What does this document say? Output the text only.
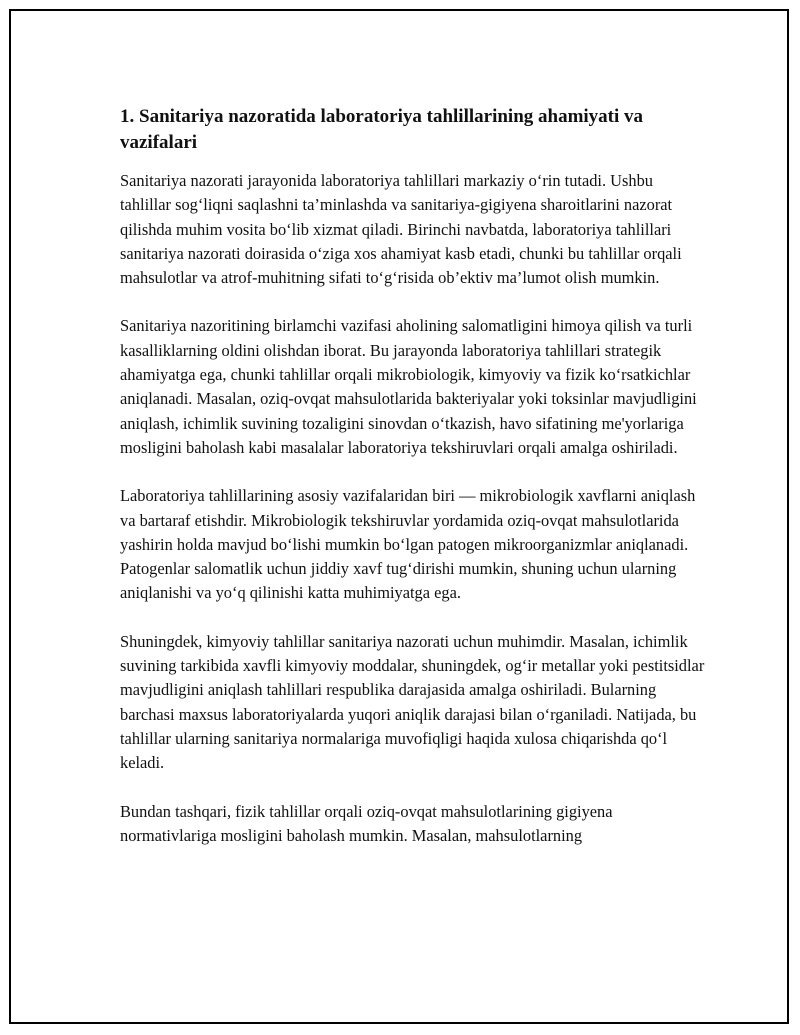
1. Sanitariya nazoratida laboratoriya tahlillarining ahamiyati va vazifalari

Sanitariya nazorati jarayonida laboratoriya tahlillari markaziy o‘rin tutadi. Ushbu tahlillar sog‘liqni saqlashni ta’minlashda va sanitariya-gigiyena sharoitlarini nazorat qilishda muhim vosita bo‘lib xizmat qiladi. Birinchi navbatda, laboratoriya tahlillari sanitariya nazorati doirasida o‘ziga xos ahamiyat kasb etadi, chunki bu tahlillar orqali mahsulotlar va atrof-muhitning sifati to‘g‘risida ob’ektiv ma’lumot olish mumkin.

Sanitariya nazoritining birlamchi vazifasi aholining salomatligini himoya qilish va turli kasalliklarning oldini olishdan iborat. Bu jarayonda laboratoriya tahlillari strategik ahamiyatga ega, chunki tahlillar orqali mikrobiologik, kimyoviy va fizik ko‘rsatkichlar aniqlanadi. Masalan, oziq-ovqat mahsulotlarida bakteriyalar yoki toksinlar mavjudligini aniqlash, ichimlik suvining tozaligini sinovdan o‘tkazish, havo sifatining me'yorlariga mosligini baholash kabi masalalar laboratoriya tekshiruvlari orqali amalga oshiriladi.

Laboratoriya tahlillarining asosiy vazifalaridan biri — mikrobiologik xavflarni aniqlash va bartaraf etishdir. Mikrobiologik tekshiruvlar yordamida oziq-ovqat mahsulotlarida yashirin holda mavjud bo‘lishi mumkin bo‘lgan patogen mikroorganizmlar aniqlanadi. Patogenlar salomatlik uchun jiddiy xavf tug‘dirishi mumkin, shuning uchun ularning aniqlanishi va yo‘q qilinishi katta muhimiyatga ega.

Shuningdek, kimyoviy tahlillar sanitariya nazorati uchun muhimdir. Masalan, ichimlik suvining tarkibida xavfli kimyoviy moddalar, shuningdek, og‘ir metallar yoki pestitsidlar mavjudligini aniqlash tahlillari respublika darajasida amalga oshiriladi. Bularning barchasi maxsus laboratoriyalarda yuqori aniqlik darajasi bilan o‘rganiladi. Natijada, bu tahlillar ularning sanitariya normalariga muvofiqligi haqida xulosa chiqarishda qo‘l keladi.

Bundan tashqari, fizik tahlillar orqali oziq-ovqat mahsulotlarining gigiyena normativlariga mosligini baholash mumkin. Masalan, mahsulotlarning
